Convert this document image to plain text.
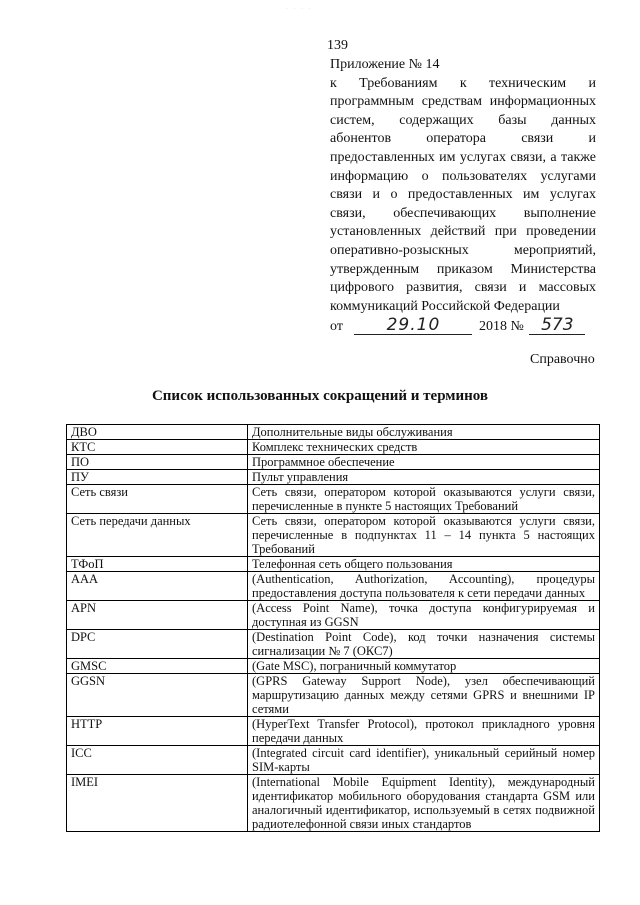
· · · ·
139
Приложение № 14
к Требованиям к техническим и программным средствам информационных систем, содержащих базы данных абонентов оператора связи и предоставленных им услугах связи, а также информацию о пользователях услугами связи и о предоставленных им услугах связи, обеспечивающих выполнение установленных действий при проведении оперативно-розыскных мероприятий, утвержденным приказом Министерства цифрового развития, связи и массовых коммуникаций Российской Федерации
от	29.10	2018 № 573
Справочно
Список использованных сокращений и терминов
ДВО	Дополнительные виды обслуживания
КТС	Комплекс технических средств
ПО	Программное обеспечение
ПУ	Пульт управления
Сеть связи	Сеть связи, оператором которой оказываются услуги связи, перечисленные в пункте 5 настоящих Требований
Сеть передачи данных	Сеть связи, оператором которой оказываются услуги связи, перечисленные в подпунктах 11 – 14 пункта 5 настоящих Требований
ТФоП	Телефонная сеть общего пользования
AAA	(Authentication, Authorization, Accounting), процедуры предоставления доступа пользователя к сети передачи данных
APN	(Access Point Name), точка доступа конфигурируемая и доступная из GGSN
DPC	(Destination Point Code), код точки назначения системы сигнализации № 7 (ОКС7)
GMSC	(Gate MSC), пограничный коммутатор
GGSN	(GPRS Gateway Support Node), узел обеспечивающий маршрутизацию данных между сетями GPRS и внешними IP сетями
HTTP	(HyperText Transfer Protocol), протокол прикладного уровня передачи данных
ICC	(Integrated circuit card identifier), уникальный серийный номер SIM-карты
IMEI	(International Mobile Equipment Identity), международный идентификатор мобильного оборудования стандарта GSM или аналогичный идентификатор, используемый в сетях подвижной радиотелефонной связи иных стандартов
